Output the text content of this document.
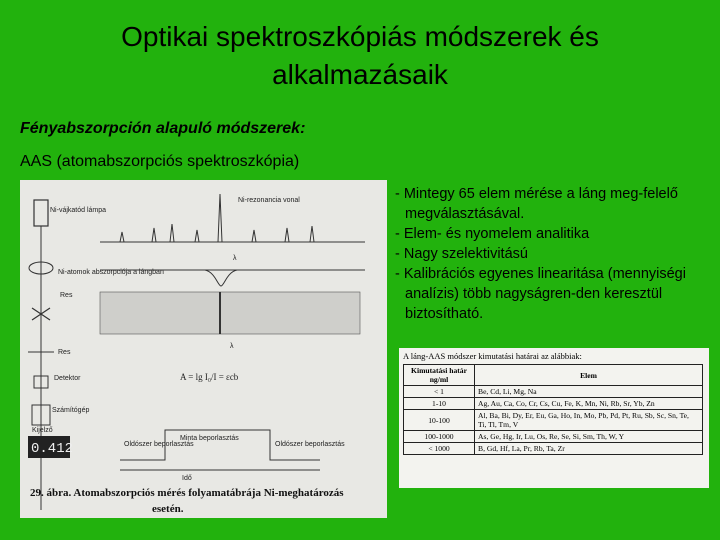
Optikai spektroszkópiás módszerek és
alkalmazásaik
Fényabszorpción alapuló módszerek:
AAS (atomabszorpciós spektroszkópia)
- Mintegy 65 elem mérése a láng meg-felelő megválasztásával.
- Elem- és nyomelem analitika
- Nagy szelektivitású
- Kalibrációs egyenes linearitása (mennyiségi analízis) több nagyságren-den keresztül biztosítható.
Ni-vájkatód lámpa
Ni-atomok abszorpciója a lángban
Res
Res
Detektor
Számítógép
Kijelző
0.412
Ni-rezonancia vonal
λ
λ
A = lg I₀/I = εcb
Oldószer beporlasztás
Minta beporlasztás
Oldószer beporlasztás
Idő
29. ábra. Atomabszorpciós mérés folyamatábrája Ni-meghatározás
esetén.
A láng-AAS módszer kimutatási határai az alábbiak:
Kimutatási határ ng/ml	Elem
< 1	Be, Cd, Li, Mg, Na
1-10	Ag, Au, Ca, Co, Cr, Cs, Cu, Fe, K, Mn, Ni, Rb, Sr, Yb, Zn
10-100	Al, Ba, Bi, Dy, Er, Eu, Ga, Ho, In, Mo, Pb, Pd, Pt, Ru, Sb, Sc, Sn, Te, Ti, Tl, Tm, V
100-1000	As, Ge, Hg, Ir, Lu, Os, Re, Se, Si, Sm, Th, W, Y
< 1000	B, Gd, Hf, La, Pr, Rb, Ta, Zr
